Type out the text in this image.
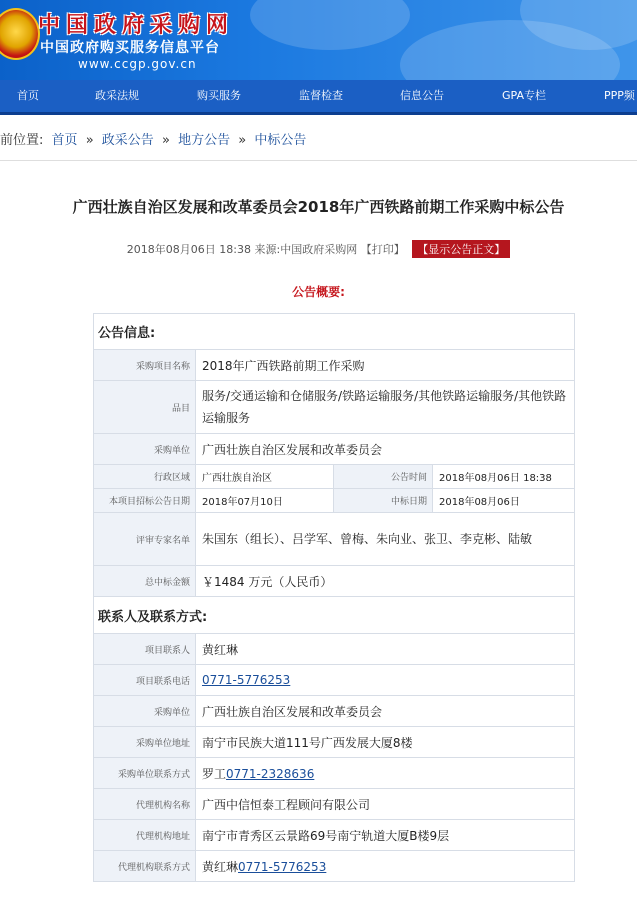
中国政府采购网
中国政府购买服务信息平台
www.ccgp.gov.cn
首页	政采法规	购买服务	监督检查	信息公告	GPA专栏	PPP频
前位置: 首页 » 政采公告 » 地方公告 » 中标公告
广西壮族自治区发展和改革委员会2018年广西铁路前期工作采购中标公告
2018年08月06日 18:38 来源:中国政府采购网 【打印】 【显示公告正文】
公告概要:
公告信息:			
采购项目名称	2018年广西铁路前期工作采购		
品目	服务/交通运输和仓储服务/铁路运输服务/其他铁路运输服务/其他铁路运输服务		
采购单位	广西壮族自治区发展和改革委员会		
行政区域	广西壮族自治区	公告时间	2018年08月06日 18:38
本项目招标公告日期	2018年07月10日	中标日期	2018年08月06日
评审专家名单	朱国东（组长）、吕学军、曾梅、朱向业、张卫、李克彬、陆敏		
总中标金额	￥1484 万元（人民币）		
联系人及联系方式:			
项目联系人	黄红琳		
项目联系电话	0771-5776253		
采购单位	广西壮族自治区发展和改革委员会		
采购单位地址	南宁市民族大道111号广西发展大厦8楼		
采购单位联系方式	罗工0771-2328636		
代理机构名称	广西中信恒泰工程顾问有限公司		
代理机构地址	南宁市青秀区云景路69号南宁轨道大厦B楼9层		
代理机构联系方式	黄红琳0771-5776253		
